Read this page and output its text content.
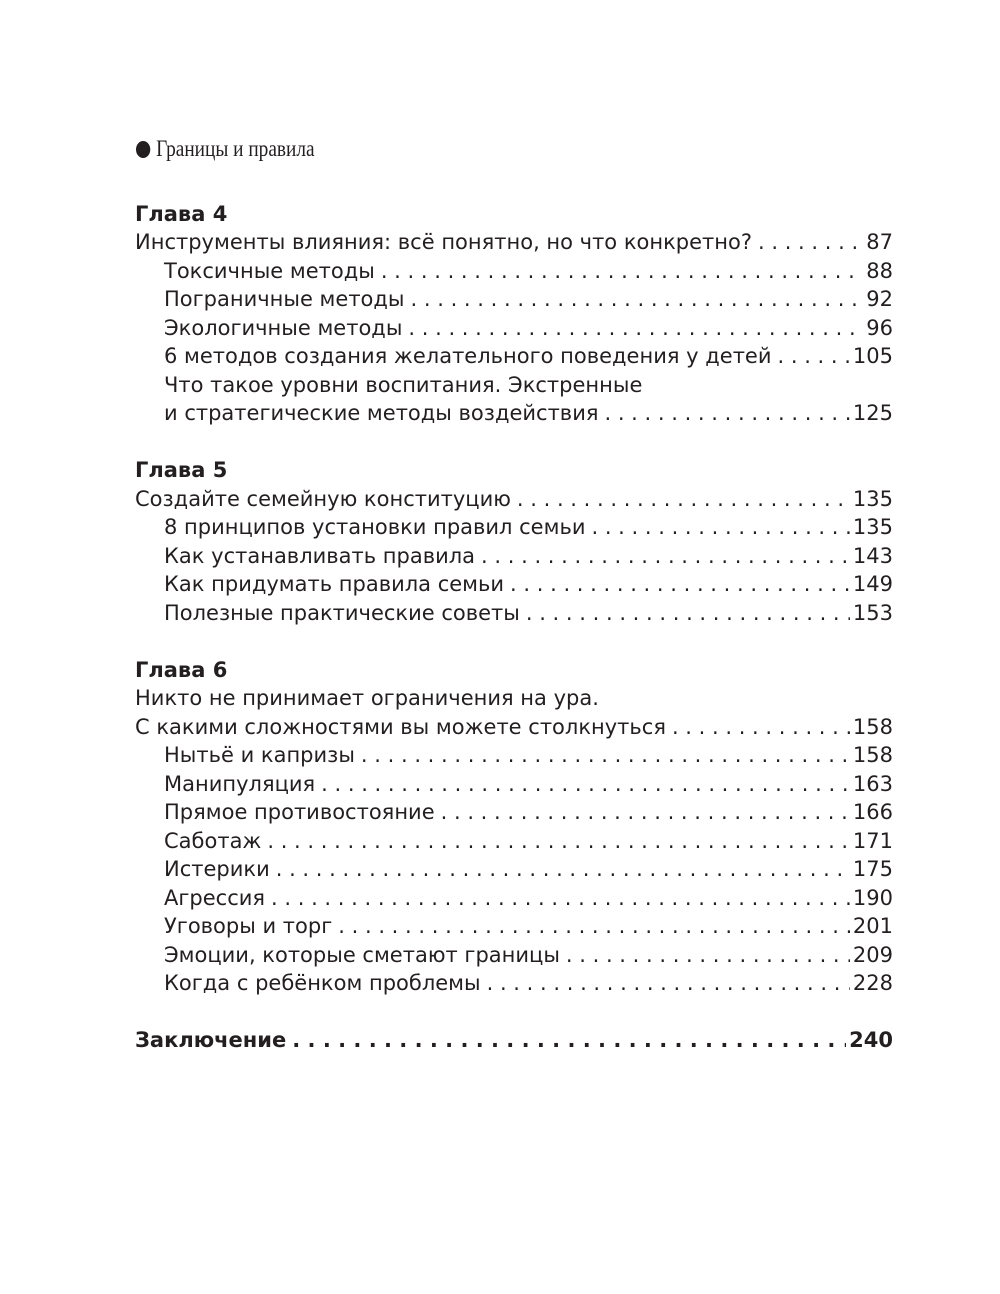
Границы и правила
Глава 4
Инструменты влияния: всё понятно, но что конкретно? . . .	87
Токсичные методы . . .	88
Пограничные методы . . .	92
Экологичные методы . . .	96
6 методов создания желательного поведения у детей . . .	105
Что такое уровни воспитания. Экстренные
и стратегические методы воздействия . . .	125
Глава 5
Создайте семейную конституцию . . .	135
8 принципов установки правил семьи . . .	135
Как устанавливать правила . . .	143
Как придумать правила семьи . . .	149
Полезные практические советы . . .	153
Глава 6
Никто не принимает ограничения на ура.
С какими сложностями вы можете столкнуться . . .	158
Нытьё и капризы . . .	158
Манипуляция . . .	163
Прямое противостояние . . .	166
Саботаж . . .	171
Истерики . . .	175
Агрессия . . .	190
Уговоры и торг . . .	201
Эмоции, которые сметают границы . . .	209
Когда с ребёнком проблемы . . .	228
Заключение . . .	240
